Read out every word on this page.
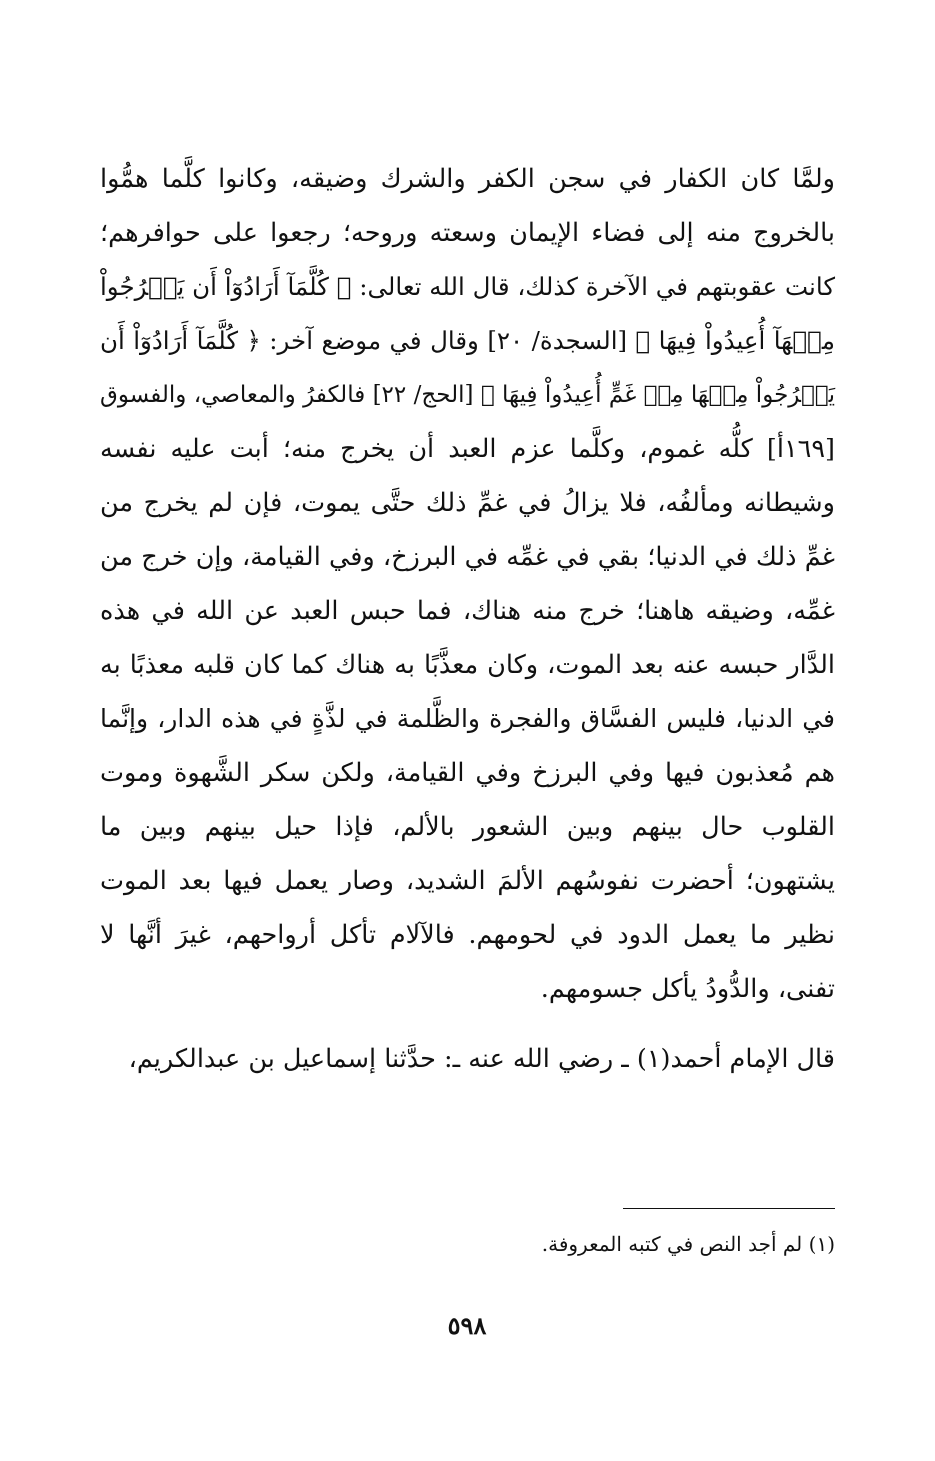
ولمَّا كان الكفار في سجن الكفر والشرك وضيقه، وكانوا كلَّما همُّوا
بالخروج منه إلى فضاء الإيمان وسعته وروحه؛ رجعوا على حوافرهم؛
كانت عقوبتهم في الآخرة كذلك، قال الله تعالى: ﴿ كُلَّمَآ أَرَادُوٓاْ أَن يَخۡرُجُواْ
مِنۡهَآ أُعِيدُواْ فِيهَا ﴾ [السجدة/ ٢٠] وقال في موضع آخر: ﴿ كُلَّمَآ أَرَادُوٓاْ أَن
يَخۡرُجُواْ مِنۡهَا مِنۡ غَمٍّ أُعِيدُواْ فِيهَا ﴾ [الحج/ ٢٢] فالكفرُ والمعاصي، والفسوق
[١٦٩أ] كلُّه غموم، وكلَّما عزم العبد أن يخرج منه؛ أبت عليه نفسه
وشيطانه ومألفُه، فلا يزالُ في غمِّ ذلك حتَّى يموت، فإن لم يخرج من
غمِّ ذلك في الدنيا؛ بقي في غمِّه في البرزخ، وفي القيامة، وإن خرج من
غمِّه، وضيقه هاهنا؛ خرج منه هناك، فما حبس العبد عن الله في هذه
الدَّار حبسه عنه بعد الموت، وكان معذَّبًا به هناك كما كان قلبه معذبًا به
في الدنيا، فليس الفسَّاق والفجرة والظَّلمة في لذَّةٍ في هذه الدار، وإنَّما
هم مُعذبون فيها وفي البرزخ وفي القيامة، ولكن سكر الشَّهوة وموت
القلوب حال بينهم وبين الشعور بالألم، فإذا حيل بينهم وبين ما
يشتهون؛ أحضرت نفوسُهم الألمَ الشديد، وصار يعمل فيها بعد الموت
نظير ما يعمل الدود في لحومهم. فالآلام تأكل أرواحهم، غيرَ أنَّها لا
تفنى، والدُّودُ يأكل جسومهم.
قال الإمام أحمد(١) ـ رضي الله عنه ـ: حدَّثنا إسماعيل بن عبدالكريم،
(١) لم أجد النص في كتبه المعروفة.
٥٩٨
